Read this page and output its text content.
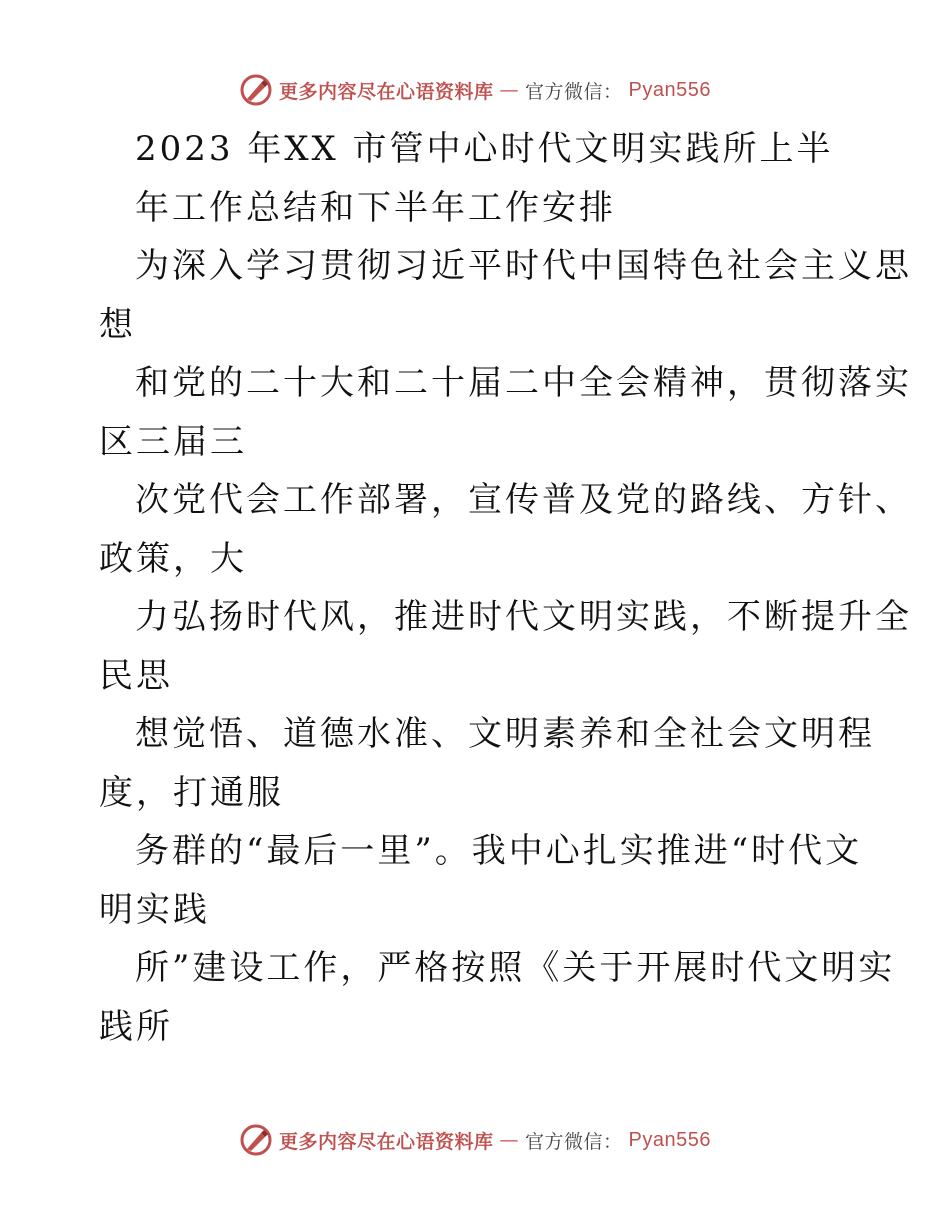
更多内容尽在心语资料库 — 官方微信： Pyan556
2023 年XX 市管中心时代文明实践所上半
年工作总结和下半年工作安排
为深入学习贯彻习近平时代中国特色社会主义思
想
和党的二十大和二十届二中全会精神，贯彻落实
区三届三
次党代会工作部署，宣传普及党的路线、方针、
政策，大
力弘扬时代风，推进时代文明实践，不断提升全
民思
想觉悟、道德水准、文明素养和全社会文明程
度，打通服
务群的“最后一里”。我中心扎实推进“时代文
明实践
所”建设工作，严格按照《关于开展时代文明实
践所
更多内容尽在心语资料库 — 官方微信： Pyan556
